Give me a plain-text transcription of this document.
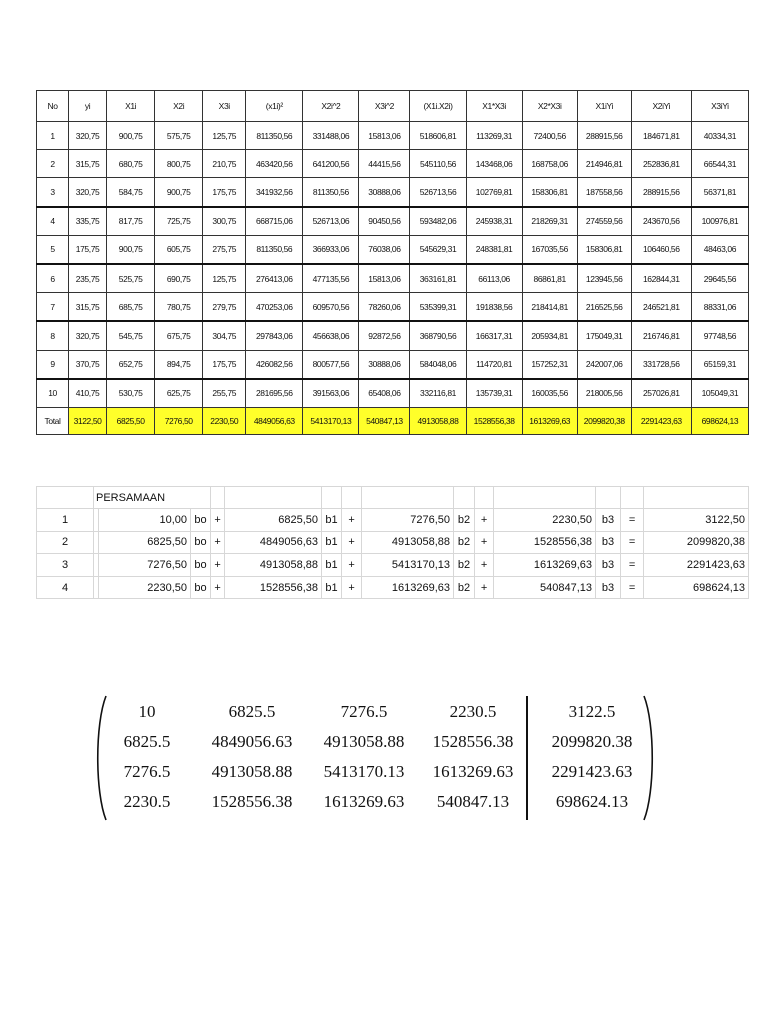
No	yi	X1i	X2i	X3i	(x1i)²	X2i^2	X3i^2	(X1i.X2i)	X1*X3i	X2*X3i	X1iYi	X2iYi	X3iYi
1	320,75	900,75	575,75	125,75	811350,56	331488,06	15813,06	518606,81	113269,31	72400,56	288915,56	184671,81	40334,31
2	315,75	680,75	800,75	210,75	463420,56	641200,56	44415,56	545110,56	143468,06	168758,06	214946,81	252836,81	66544,31
3	320,75	584,75	900,75	175,75	341932,56	811350,56	30888,06	526713,56	102769,81	158306,81	187558,56	288915,56	56371,81
4	335,75	817,75	725,75	300,75	668715,06	526713,06	90450,56	593482,06	245938,31	218269,31	274559,56	243670,56	100976,81
5	175,75	900,75	605,75	275,75	811350,56	366933,06	76038,06	545629,31	248381,81	167035,56	158306,81	106460,56	48463,06
6	235,75	525,75	690,75	125,75	276413,06	477135,56	15813,06	363161,81	66113,06	86861,81	123945,56	162844,31	29645,56
7	315,75	685,75	780,75	279,75	470253,06	609570,56	78260,06	535399,31	191838,56	218414,81	216525,56	246521,81	88331,06
8	320,75	545,75	675,75	304,75	297843,06	456638,06	92872,56	368790,56	166317,31	205934,81	175049,31	216746,81	97748,56
9	370,75	652,75	894,75	175,75	426082,56	800577,56	30888,06	584048,06	114720,81	157252,31	242007,06	331728,56	65159,31
10	410,75	530,75	625,75	255,75	281695,56	391563,06	65408,06	332116,81	135739,31	160035,56	218005,56	257026,81	105049,31
Total	3122,50	6825,50	7276,50	2230,50	4849056,63	5413170,13	540847,13	4913058,88	1528556,38	1613269,63	2099820,38	2291423,63	698624,13
	PERSAMAAN													
1		10,00	bo	+	6825,50	b1	+	7276,50	b2	+	2230,50	b3	=	3122,50
2		6825,50	bo	+	4849056,63	b1	+	4913058,88	b2	+	1528556,38	b3	=	2099820,38
3		7276,50	bo	+	4913058,88	b1	+	5413170,13	b2	+	1613269,63	b3	=	2291423,63
4		2230,50	bo	+	1528556,38	b1	+	1613269,63	b2	+	540847,13	b3	=	698624,13
10	6825.5	7276.5	2230.5	3122.5
6825.5	4849056.63	4913058.88	1528556.38	2099820.38
7276.5	4913058.88	5413170.13	1613269.63	2291423.63
2230.5	1528556.38	1613269.63	540847.13	698624.13
